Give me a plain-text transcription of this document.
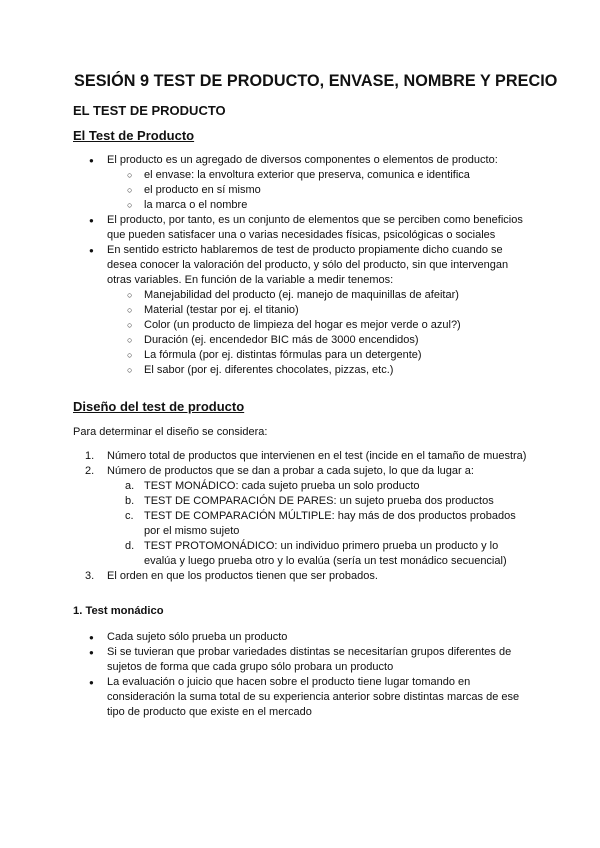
SESIÓN 9 TEST DE PRODUCTO, ENVASE, NOMBRE Y PRECIO
EL TEST DE PRODUCTO
El Test de Producto
● El producto es un agregado de diversos componentes o elementos de producto:
○ el envase: la envoltura exterior que preserva, comunica e identifica
○ el producto en sí mismo
○ la marca o el nombre
● El producto, por tanto, es un conjunto de elementos que se perciben como beneficios que pueden satisfacer una o varias necesidades físicas, psicológicas o sociales
● En sentido estricto hablaremos de test de producto propiamente dicho cuando se desea conocer la valoración del producto, y sólo del producto, sin que intervengan otras variables. En función de la variable a medir tenemos:
○ Manejabilidad del producto (ej. manejo de maquinillas de afeitar)
○ Material (testar por ej. el titanio)
○ Color (un producto de limpieza del hogar es mejor verde o azul?)
○ Duración (ej. encendedor BIC más de 3000 encendidos)
○ La fórmula (por ej. distintas fórmulas para un detergente)
○ El sabor (por ej. diferentes chocolates, pizzas, etc.)
Diseño del test de producto
Para determinar el diseño se considera:
1. Número total de productos que intervienen en el test (incide en el tamaño de muestra)
2. Número de productos que se dan a probar a cada sujeto, lo que da lugar a:
a. TEST MONÁDICO: cada sujeto prueba un solo producto
b. TEST DE COMPARACIÓN DE PARES: un sujeto prueba dos productos
c. TEST DE COMPARACIÓN MÚLTIPLE: hay más de dos productos probados por el mismo sujeto
d. TEST PROTOMONÁDICO: un individuo primero prueba un producto y lo evalúa y luego prueba otro y lo evalúa (sería un test monádico secuencial)
3. El orden en que los productos tienen que ser probados.
1. Test monádico
● Cada sujeto sólo prueba un producto
● Si se tuvieran que probar variedades distintas se necesitarían grupos diferentes de sujetos de forma que cada grupo sólo probara un producto
● La evaluación o juicio que hacen sobre el producto tiene lugar tomando en consideración la suma total de su experiencia anterior sobre distintas marcas de ese tipo de producto que existe en el mercado
